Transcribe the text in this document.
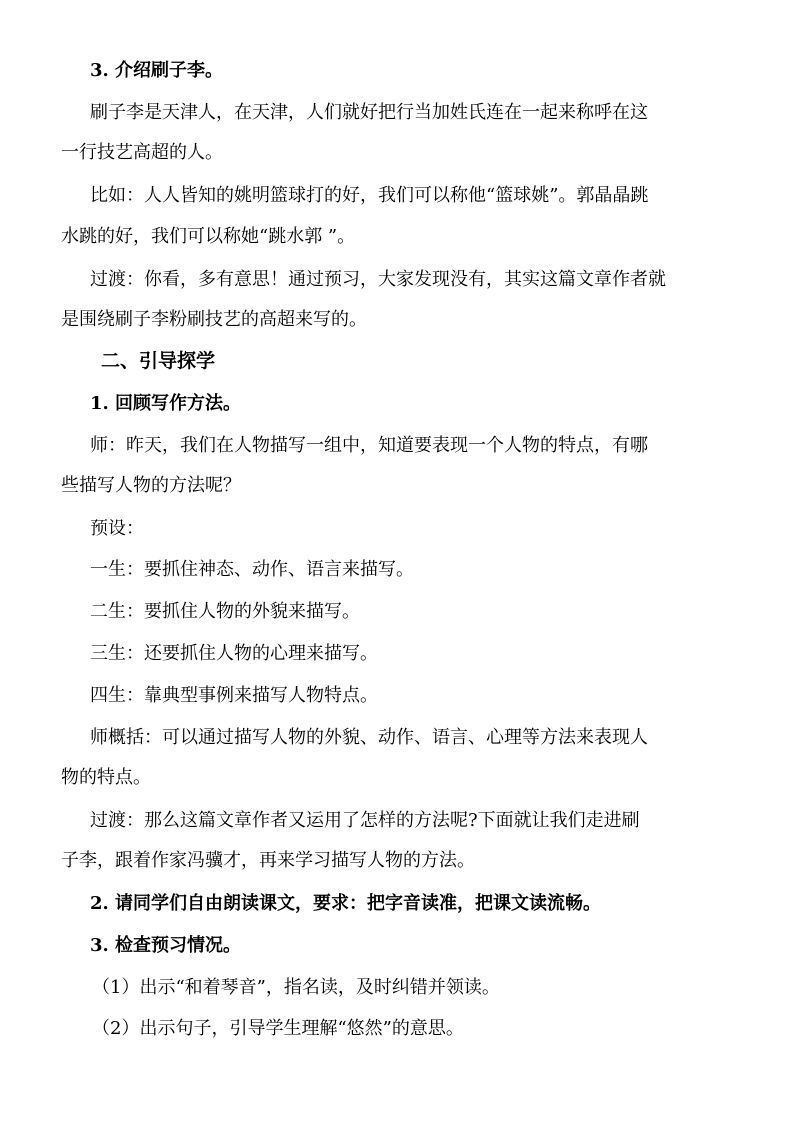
3. 介绍刷子李。
刷子李是天津人，在天津，人们就好把行当加姓氏连在一起来称呼在这
一行技艺高超的人。
比如：人人皆知的姚明篮球打的好，我们可以称他“篮球姚”。郭晶晶跳
水跳的好，我们可以称她“跳水郭 ”。
过渡：你看，多有意思！通过预习，大家发现没有，其实这篇文章作者就
是围绕刷子李粉刷技艺的高超来写的。
二、引导探学
1. 回顾写作方法。
师：昨天，我们在人物描写一组中，知道要表现一个人物的特点，有哪
些描写人物的方法呢？
预设：
一生：要抓住神态、动作、语言来描写。
二生：要抓住人物的外貌来描写。
三生：还要抓住人物的心理来描写。
四生：靠典型事例来描写人物特点。
师概括：可以通过描写人物的外貌、动作、语言、心理等方法来表现人
物的特点。
过渡：那么这篇文章作者又运用了怎样的方法呢?下面就让我们走进刷
子李，跟着作家冯骥才，再来学习描写人物的方法。
2. 请同学们自由朗读课文，要求：把字音读准，把课文读流畅。
3. 检查预习情况。
（1）出示“和着琴音”，指名读，及时纠错并领读。
（2）出示句子，引导学生理解“悠然”的意思。
